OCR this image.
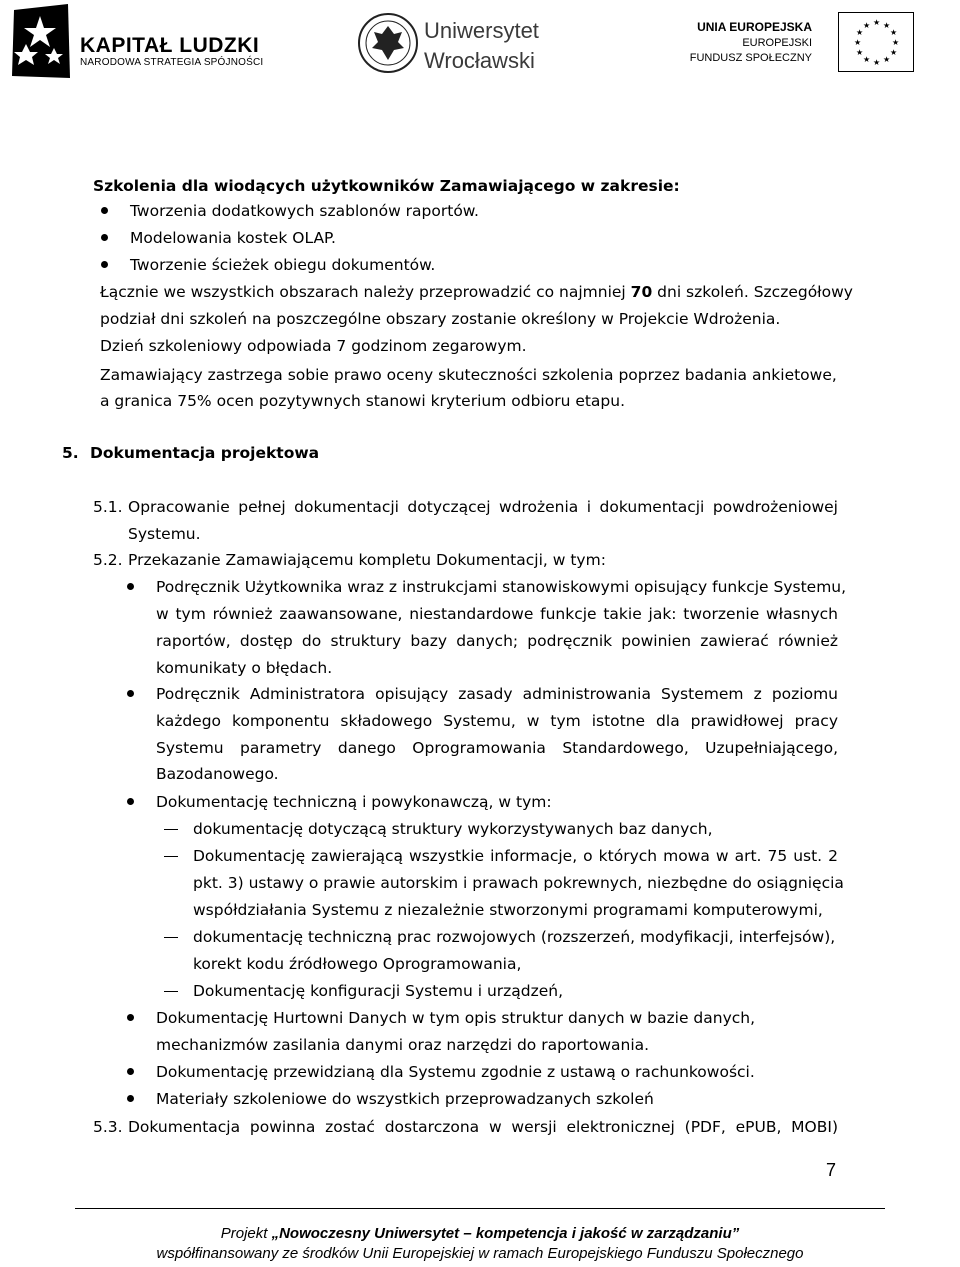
KAPITAŁ LUDZKI
NARODOWA STRATEGIA SPÓJNOŚCI
Uniwersytet
Wrocławski
UNIA EUROPEJSKA
EUROPEJSKI
FUNDUSZ SPOŁECZNY
★ ★
★
★
★
★
★
★
★
★
★
★
Szkolenia dla wiodących użytkowników Zamawiającego w zakresie:
Tworzenia dodatkowych szablonów raportów.
Modelowania kostek OLAP.
Tworzenie ścieżek obiegu dokumentów.
Łącznie we wszystkich obszarach należy przeprowadzić co najmniej 70 dni szkoleń. Szczegółowy
podział dni szkoleń na poszczególne obszary zostanie określony w Projekcie Wdrożenia.
Dzień szkoleniowy odpowiada 7 godzinom zegarowym.
Zamawiający zastrzega sobie prawo oceny skuteczności szkolenia poprzez badania ankietowe,
a granica 75% ocen pozytywnych stanowi kryterium odbioru etapu.
5. Dokumentacja projektowa
5.1. Opracowanie pełnej dokumentacji dotyczącej wdrożenia i dokumentacji powdrożeniowej
Systemu.
5.2. Przekazanie Zamawiającemu kompletu Dokumentacji, w tym:
Podręcznik Użytkownika wraz z instrukcjami stanowiskowymi opisujący funkcje Systemu,
w tym również zaawansowane, niestandardowe funkcje takie jak: tworzenie własnych
raportów, dostęp do struktury bazy danych; podręcznik powinien zawierać również
komunikaty o błędach.
Podręcznik Administratora opisujący zasady administrowania Systemem z poziomu
każdego komponentu składowego Systemu, w tym istotne dla prawidłowej pracy
Systemu parametry danego Oprogramowania Standardowego, Uzupełniającego,
Bazodanowego.
Dokumentację techniczną i powykonawczą, w tym:
dokumentację dotyczącą struktury wykorzystywanych baz danych,
Dokumentację zawierającą wszystkie informacje, o których mowa w art. 75 ust. 2
pkt. 3) ustawy o prawie autorskim i prawach pokrewnych, niezbędne do osiągnięcia
współdziałania Systemu z niezależnie stworzonymi programami komputerowymi,
dokumentację techniczną prac rozwojowych (rozszerzeń, modyfikacji, interfejsów),
korekt kodu źródłowego Oprogramowania,
Dokumentację konfiguracji Systemu i urządzeń,
Dokumentację Hurtowni Danych w tym opis struktur danych w bazie danych,
mechanizmów zasilania danymi oraz narzędzi do raportowania.
Dokumentację przewidzianą dla Systemu zgodnie z ustawą o rachunkowości.
Materiały szkoleniowe do wszystkich przeprowadzanych szkoleń
5.3. Dokumentacja powinna zostać dostarczona w wersji elektronicznej (PDF, ePUB, MOBI)
7
Projekt „Nowoczesny Uniwersytet – kompetencja i jakość w zarządzaniu”
współfinansowany ze środków Unii Europejskiej w ramach Europejskiego Funduszu Społecznego
